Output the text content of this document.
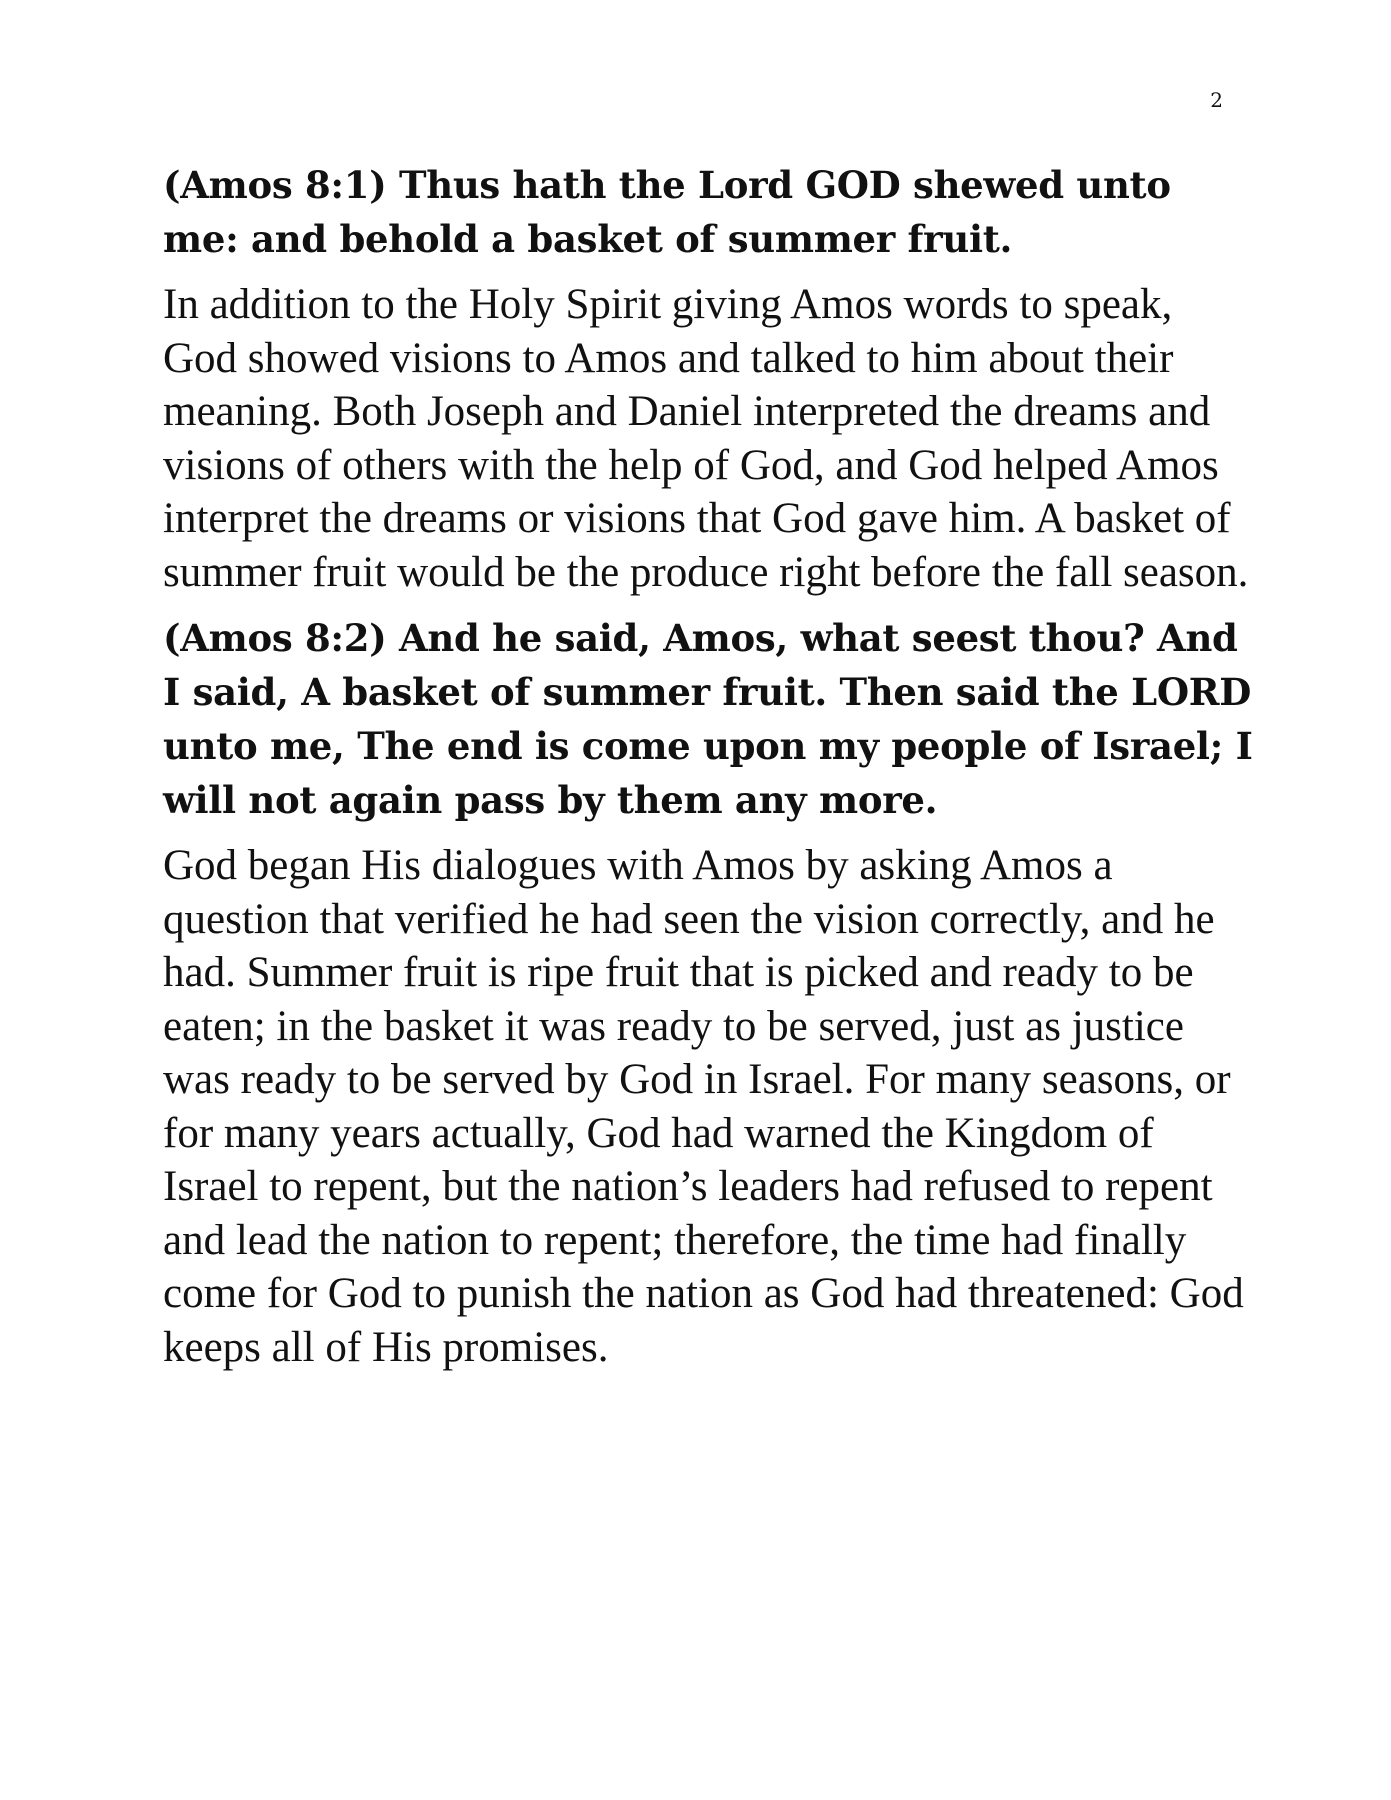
2

(Amos 8:1) Thus hath the Lord GOD shewed unto me: and behold a basket of summer fruit.

In addition to the Holy Spirit giving Amos words to speak, God showed visions to Amos and talked to him about their meaning. Both Joseph and Daniel interpreted the dreams and visions of others with the help of God, and God helped Amos interpret the dreams or visions that God gave him. A basket of summer fruit would be the produce right before the fall season.

(Amos 8:2) And he said, Amos, what seest thou? And I said, A basket of summer fruit. Then said the LORD unto me, The end is come upon my people of Israel; I will not again pass by them any more.

God began His dialogues with Amos by asking Amos a question that verified he had seen the vision correctly, and he had. Summer fruit is ripe fruit that is picked and ready to be eaten; in the basket it was ready to be served, just as justice was ready to be served by God in Israel. For many seasons, or for many years actually, God had warned the Kingdom of Israel to repent, but the nation’s leaders had refused to repent and lead the nation to repent; therefore, the time had finally come for God to punish the nation as God had threatened: God keeps all of His promises.
